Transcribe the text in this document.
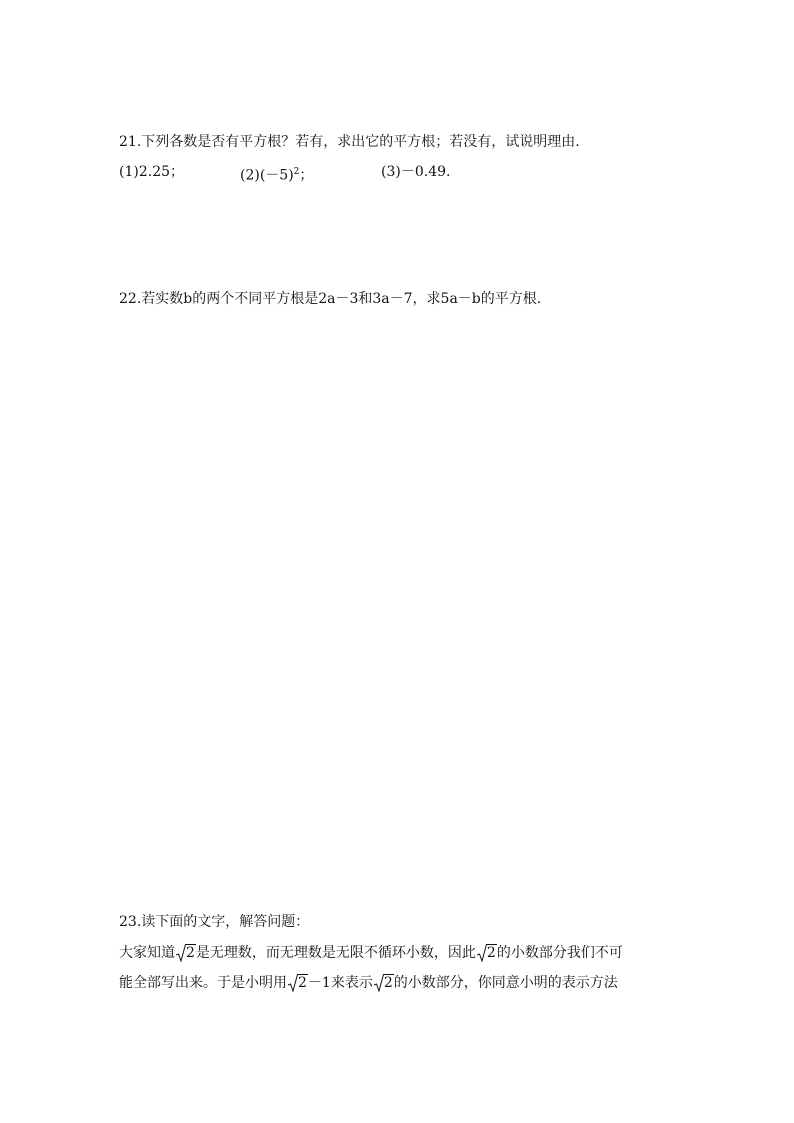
21.下列各数是否有平方根？若有，求出它的平方根；若没有，试说明理由.
(1)2.25；	$(2)(-5)^2$；	(3)－0.49.
22.若实数b的两个不同平方根是2a－3和3a－7，求5a－b的平方根.
23.读下面的文字，解答问题：
大家知道 2是无理数，而无理数是无限不循环小数，因此 2的小数部分我们不可
能全部写出来。于是小明用 2－1来表示 2的小数部分，你同意小明的表示方法
